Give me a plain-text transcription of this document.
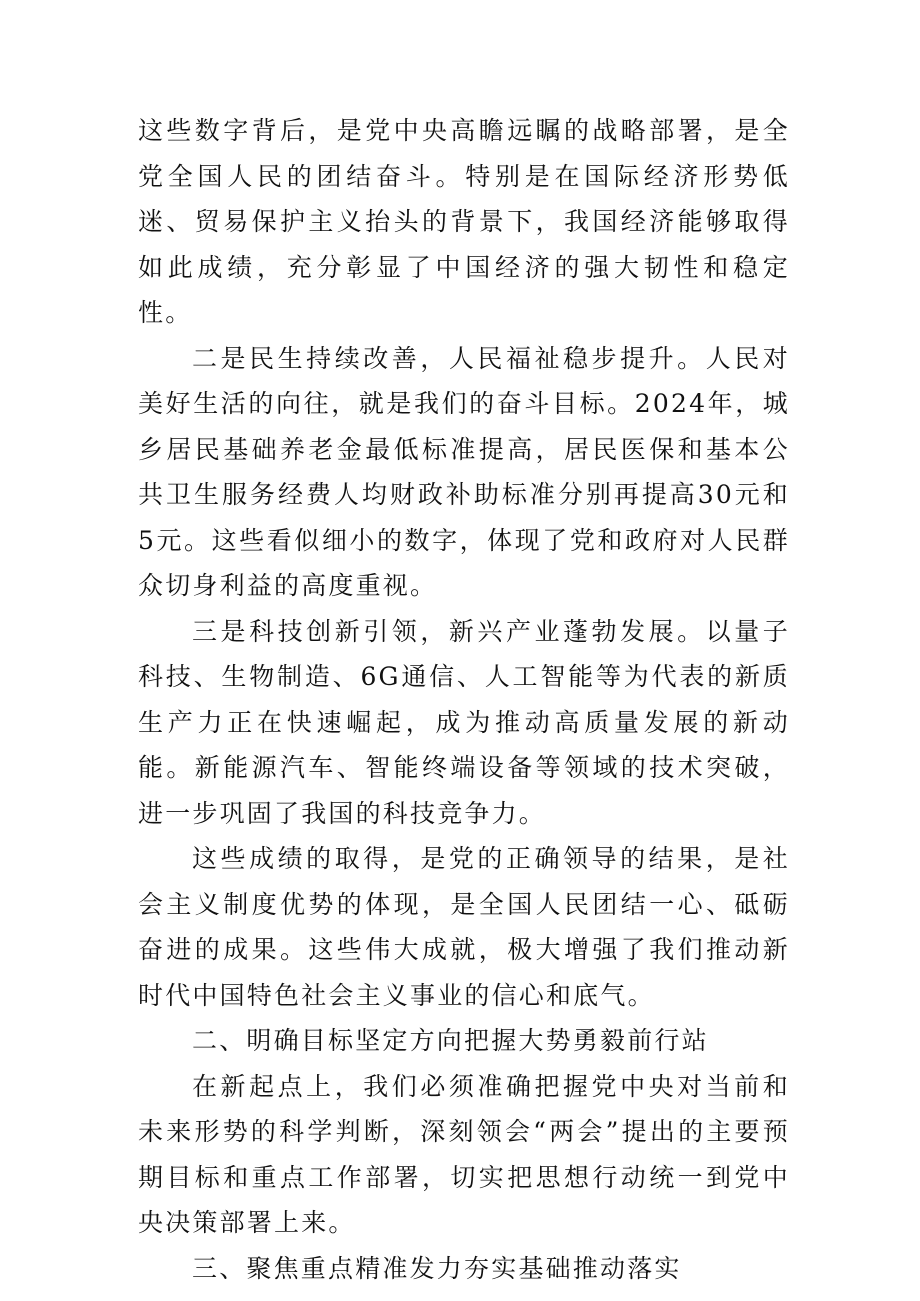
这些数字背后，是党中央高瞻远瞩的战略部署，是全党全国人民的团结奋斗。特别是在国际经济形势低迷、贸易保护主义抬头的背景下，我国经济能够取得如此成绩，充分彰显了中国经济的强大韧性和稳定性。

二是民生持续改善，人民福祉稳步提升。人民对美好生活的向往，就是我们的奋斗目标。2024年，城乡居民基础养老金最低标准提高，居民医保和基本公共卫生服务经费人均财政补助标准分别再提高30元和5元。这些看似细小的数字，体现了党和政府对人民群众切身利益的高度重视。

三是科技创新引领，新兴产业蓬勃发展。以量子科技、生物制造、6G通信、人工智能等为代表的新质生产力正在快速崛起，成为推动高质量发展的新动能。新能源汽车、智能终端设备等领域的技术突破，进一步巩固了我国的科技竞争力。

这些成绩的取得，是党的正确领导的结果，是社会主义制度优势的体现，是全国人民团结一心、砥砺奋进的成果。这些伟大成就，极大增强了我们推动新时代中国特色社会主义事业的信心和底气。

二、明确目标坚定方向把握大势勇毅前行站

在新起点上，我们必须准确把握党中央对当前和未来形势的科学判断，深刻领会“两会”提出的主要预期目标和重点工作部署，切实把思想行动统一到党中央决策部署上来。

三、聚焦重点精准发力夯实基础推动落实
